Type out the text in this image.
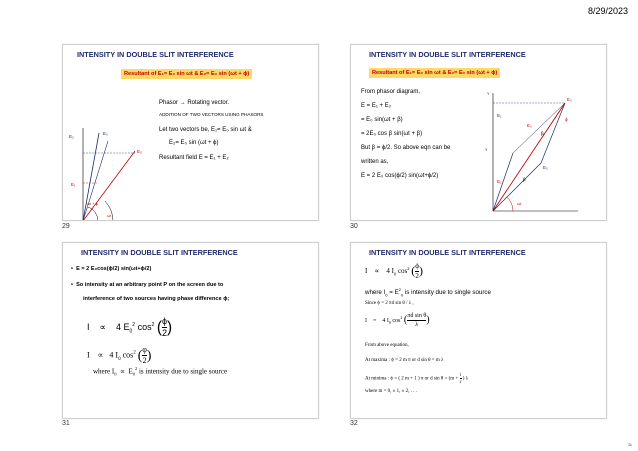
8/29/2023
INTENSITY IN DOUBLE SLIT INTERFERENCE
Resultant of E₁= E₀ sin ωt & E₂= E₀ sin (ωt + ϕ)
E₂
E₀
E₁
E₀
ωt + ϕ
ωt
Phasor → Rotating vector.
ADDITION OF TWO VECTORS USING PHASORS
Let two vectors be, E₁= E₀ sin ωt &
E₂= E₀ sin (ωt + ϕ)
Resultant field E = E₁ + E₂
29
INTENSITY IN DOUBLE SLIT INTERFERENCE
Resultant of E₁= E₀ sin ωt & E₂= E₀ sin (ωt + ϕ)
From phasor diagram,
E = E₁ + E₂
= E₀ sin(ωt + β)
= 2E₀ cos β sin(ωt + β)
But β = ϕ/2. So above eqn can be
written as,
E = 2 E₀ cos(ϕ/2) sin(ωt+ϕ/2)
E₀
E₁
E₀
E₁
E₀
β
ϕ
β
ωt
Y
Y
30
INTENSITY IN DOUBLE SLIT INTERFERENCE
•  E = 2 E₀cos(ϕ/2) sin(ωt+ϕ/2)
•  So intensity at an arbitrary point P on the screen due to
interference of two sources having phase difference ϕ;
I ∝ 4 $E_0^2$ $\cos^2$ ( $\frac{\phi}{2}$ )
I ∝ 4 $I_0$ $\cos^2$ ( $\frac{\varphi}{2}$ )
where $I_0 \propto E_0^2$ is intensity due to single source
31
INTENSITY IN DOUBLE SLIT INTERFERENCE
I ∝ 4 $I_0$ $\cos^2$ ( $\frac{\phi}{2}$ )
where $I_0 = E^2_0$ is intensity due to single source
Since ϕ = 2 πd sin θ / λ ,
I = 4 $I_0$ $\cos^2$ ( $\frac{\text{πd sin θ}}{\lambda}$ )
From above equation,
At maxima : ϕ = 2 m π or d sin θ = m λ
At minima : ϕ = ( 2 m + 1 ) π or d $\sin \theta = (m + \frac{1}{2}$ ) λ
where m = 0, ± 1, ± 2, . . .
32
≈
